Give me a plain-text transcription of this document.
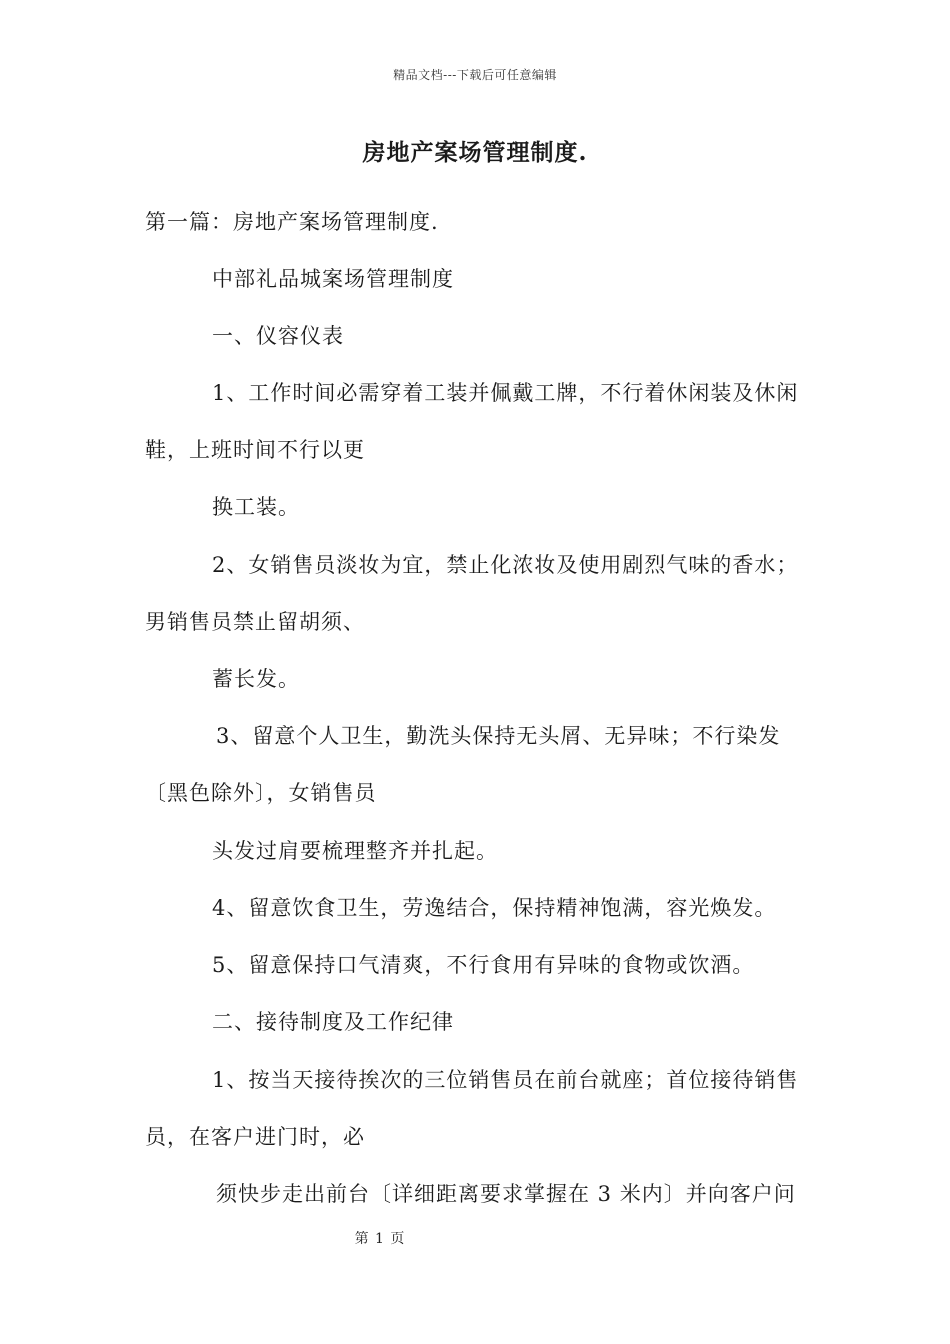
精品文档---下载后可任意编辑
房地产案场管理制度.
第一篇：房地产案场管理制度.
中部礼品城案场管理制度
一、仪容仪表
1、工作时间必需穿着工装并佩戴工牌，不行着休闲装及休闲
鞋，上班时间不行以更
换工装。
2、女销售员淡妆为宜，禁止化浓妆及使用剧烈气味的香水；
男销售员禁止留胡须、
蓄长发。
3、留意个人卫生，勤洗头保持无头屑、无异味；不行染发
〔黑色除外〕，女销售员
头发过肩要梳理整齐并扎起。
4、留意饮食卫生，劳逸结合，保持精神饱满，容光焕发。
5、留意保持口气清爽，不行食用有异味的食物或饮酒。
二、接待制度及工作纪律
1、按当天接待挨次的三位销售员在前台就座；首位接待销售
员，在客户进门时，必
须快步走出前台〔详细距离要求掌握在 3 米内〕并向客户问
第 1 页
